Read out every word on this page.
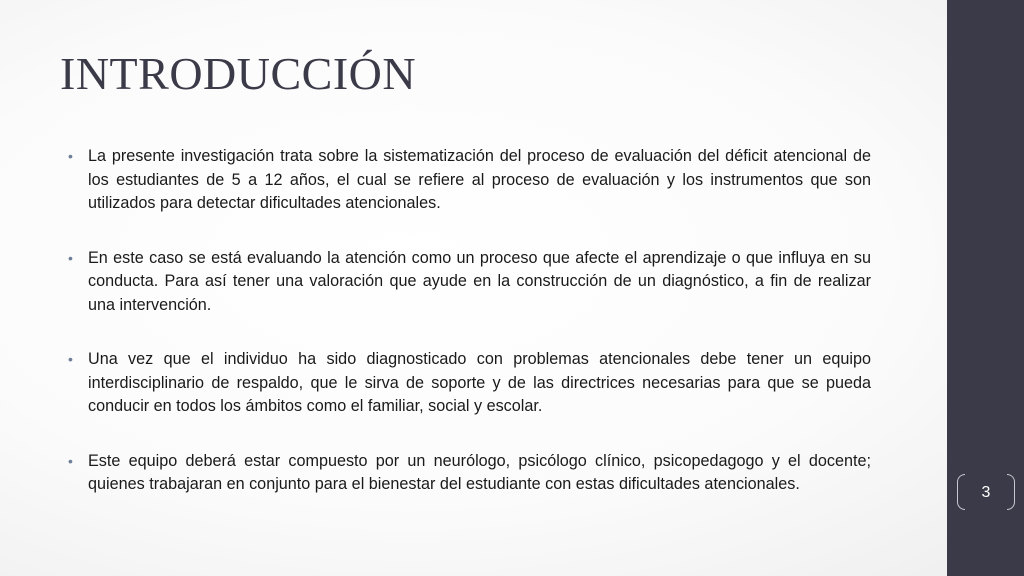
INTRODUCCIÓN
• La presente investigación trata sobre la sistematización del proceso de evaluación del déficit atencional de los estudiantes de 5 a 12 años, el cual se refiere al proceso de evaluación y los instrumentos que son utilizados para detectar dificultades atencionales.
• En este caso se está evaluando la atención como un proceso que afecte el aprendizaje o que influya en su conducta. Para así tener una valoración que ayude en la construcción de un diagnóstico, a fin de realizar una intervención.
• Una vez que el individuo ha sido diagnosticado con problemas atencionales debe tener un equipo interdisciplinario de respaldo, que le sirva de soporte y de las directrices necesarias para que se pueda conducir en todos los ámbitos como el familiar, social y escolar.
• Este equipo deberá estar compuesto por un neurólogo, psicólogo clínico, psicopedagogo y el docente; quienes trabajaran en conjunto para el bienestar del estudiante con estas dificultades atencionales.	3
